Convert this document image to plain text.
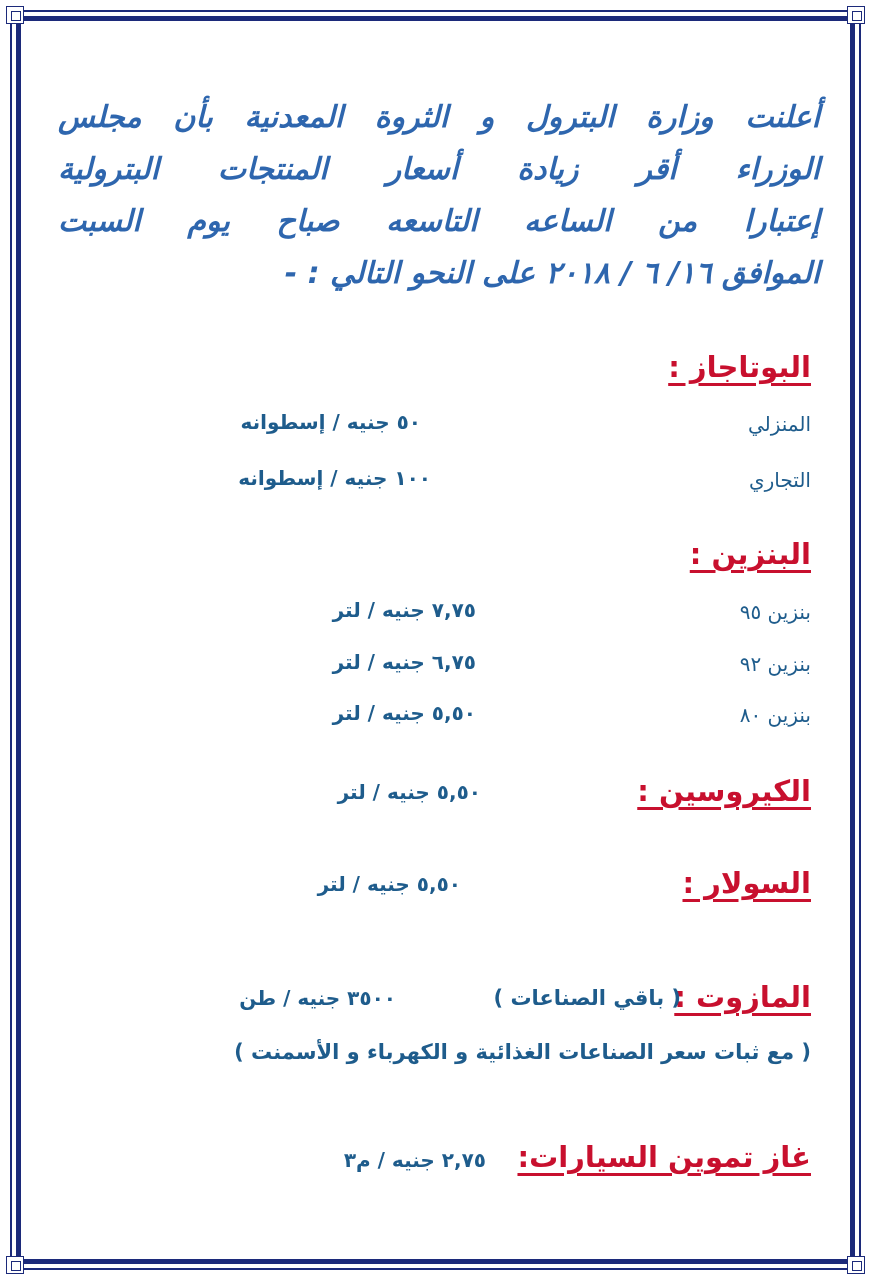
أعلنت وزارة البترول و الثروة المعدنية بأن مجلس
الوزراء أقر زيادة أسعار المنتجات البترولية
إعتبارا من الساعه التاسعه صباح يوم السبت
الموافق ١٦/ ٦ / ٢٠١٨ على النحو التالي : -
البوتاجاز :
المنزلي
٥٠ جنيه / إسطوانه
التجاري
١٠٠ جنيه / إسطوانه
البنزين :
بنزين ٩٥
٧,٧٥ جنيه / لتر
بنزين ٩٢
٦,٧٥ جنيه / لتر
بنزين ٨٠
٥,٥٠ جنيه / لتر
الكيروسين :
٥,٥٠ جنيه / لتر
السولار :
٥,٥٠ جنيه / لتر
المازوت :
( باقي الصناعات )
٣٥٠٠ جنيه / طن
( مع ثبات سعر الصناعات الغذائية و الكهرباء و الأسمنت )
غاز تموين السيارات:
٢,٧٥ جنيه / م٣
